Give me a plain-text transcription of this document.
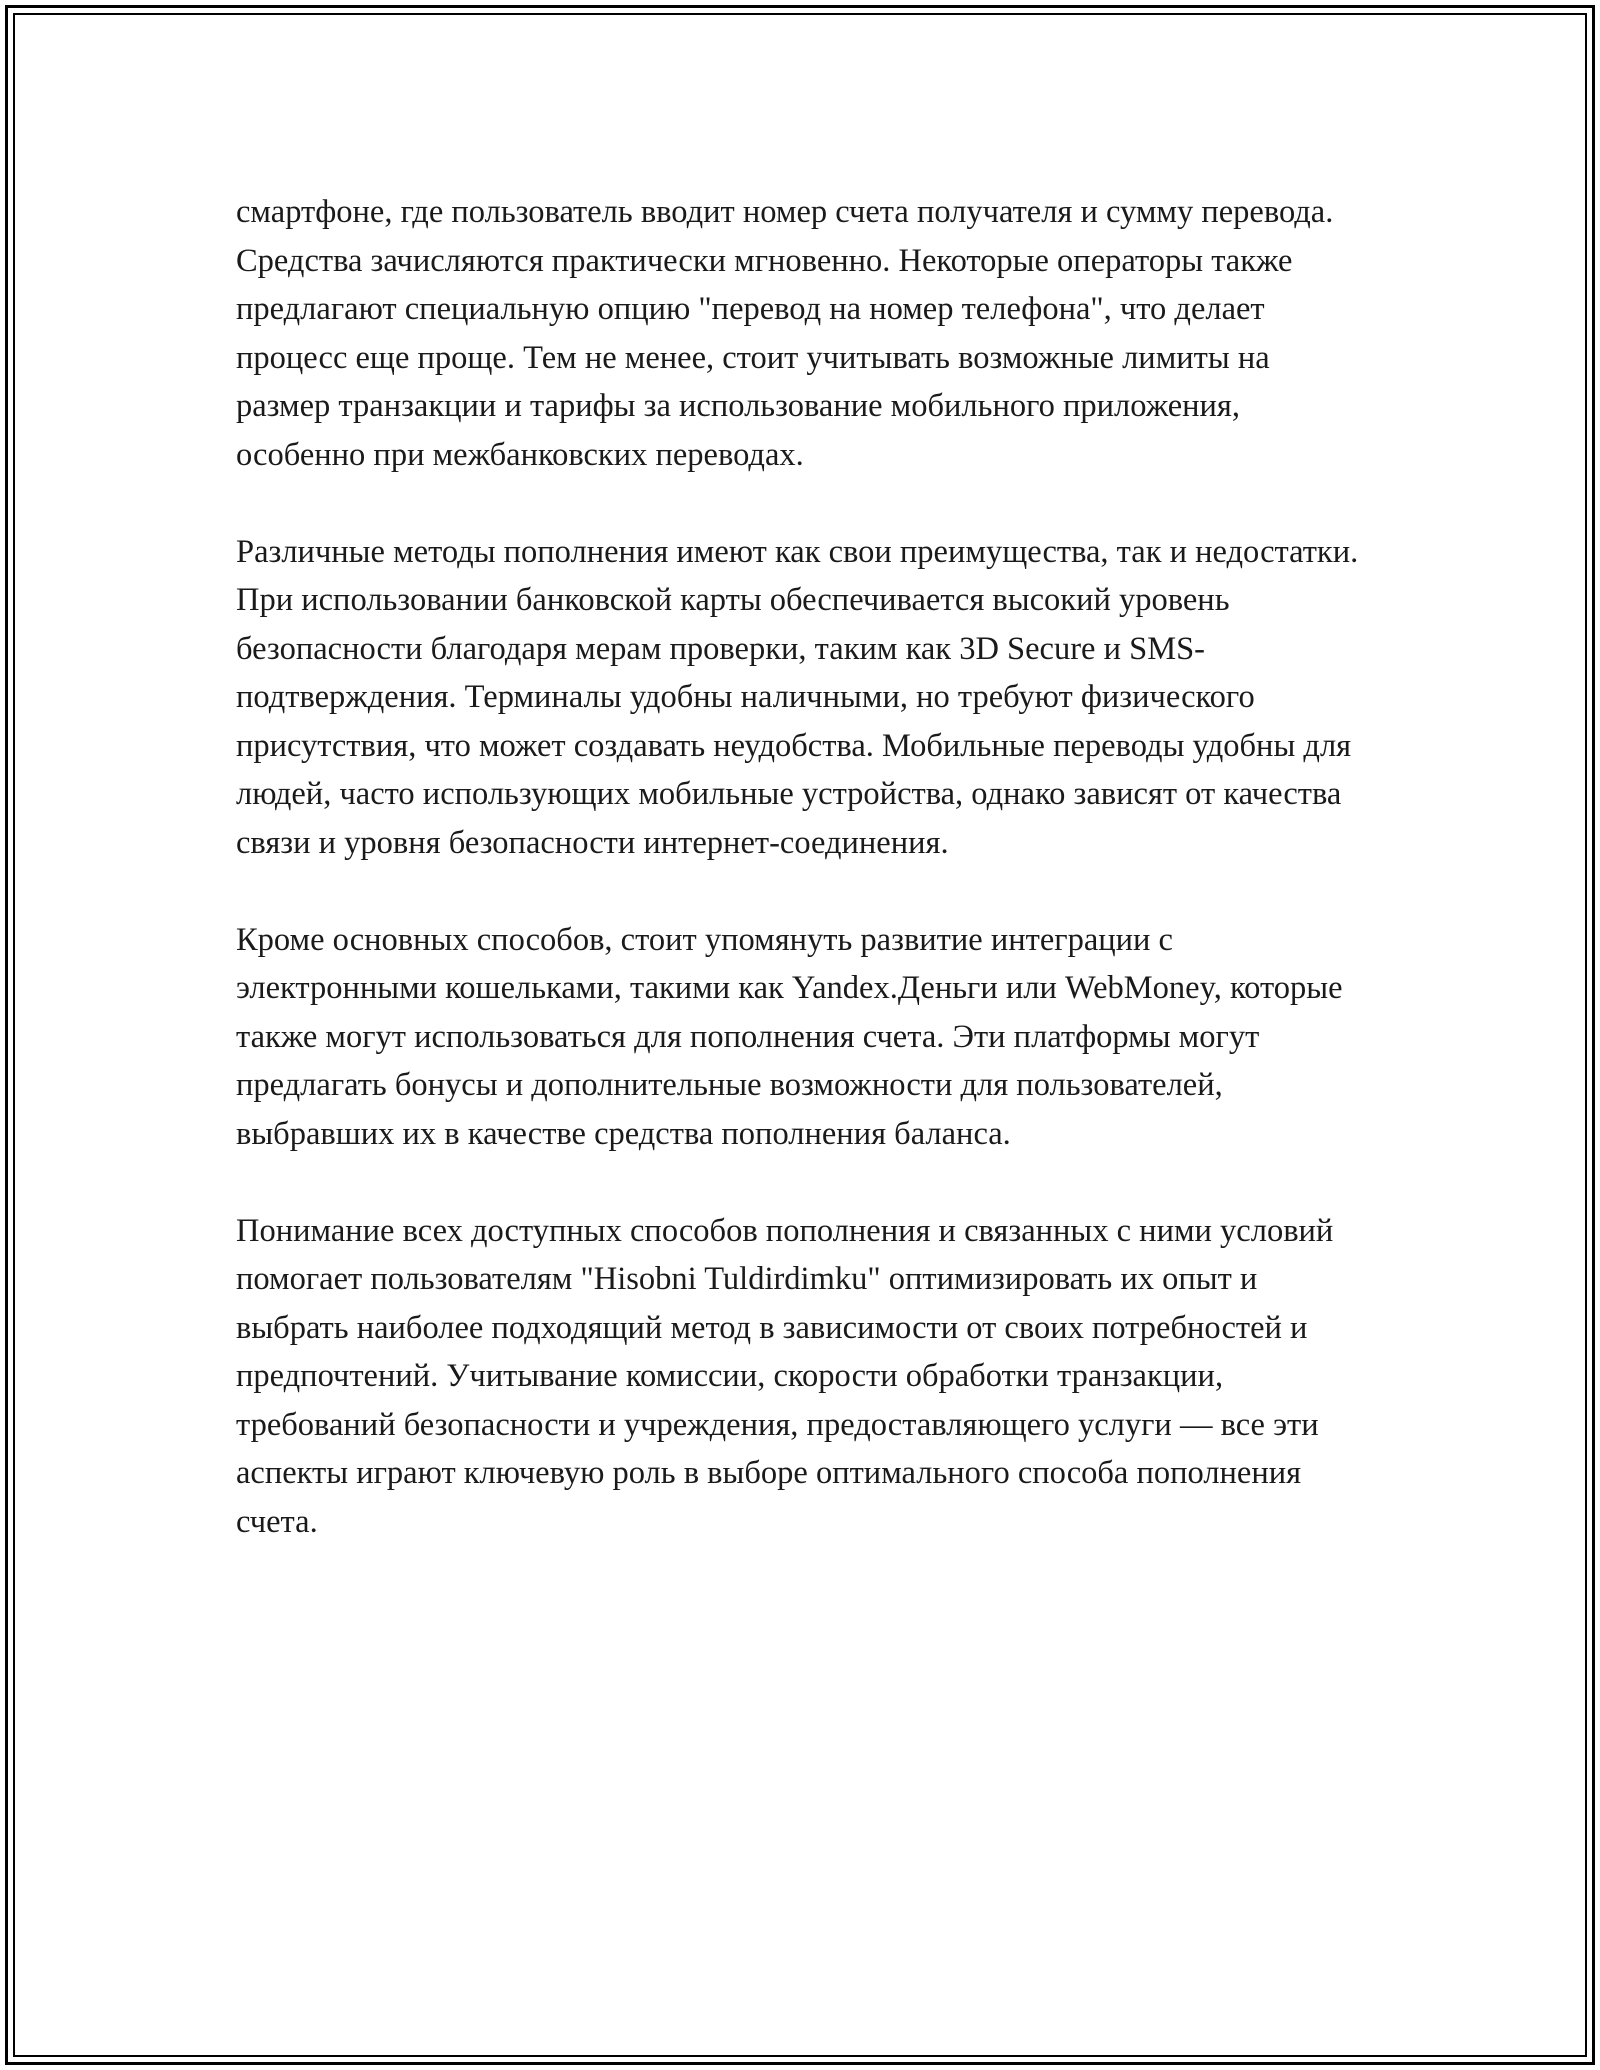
смартфоне, где пользователь вводит номер счета получателя и сумму перевода. Средства зачисляются практически мгновенно. Некоторые операторы также предлагают специальную опцию "перевод на номер телефона", что делает процесс еще проще. Тем не менее, стоит учитывать возможные лимиты на размер транзакции и тарифы за использование мобильного приложения, особенно при межбанковских переводах.

Различные методы пополнения имеют как свои преимущества, так и недостатки. При использовании банковской карты обеспечивается высокий уровень безопасности благодаря мерам проверки, таким как 3D Secure и SMS-подтверждения. Терминалы удобны наличными, но требуют физического присутствия, что может создавать неудобства. Мобильные переводы удобны для людей, часто использующих мобильные устройства, однако зависят от качества связи и уровня безопасности интернет-соединения.

Кроме основных способов, стоит упомянуть развитие интеграции с электронными кошельками, такими как Yandex.Деньги или WebMoney, которые также могут использоваться для пополнения счета. Эти платформы могут предлагать бонусы и дополнительные возможности для пользователей, выбравших их в качестве средства пополнения баланса.

Понимание всех доступных способов пополнения и связанных с ними условий помогает пользователям "Hisobni Tuldirdimku" оптимизировать их опыт и выбрать наиболее подходящий метод в зависимости от своих потребностей и предпочтений. Учитывание комиссии, скорости обработки транзакции, требований безопасности и учреждения, предоставляющего услуги — все эти аспекты играют ключевую роль в выборе оптимального способа пополнения счета.
